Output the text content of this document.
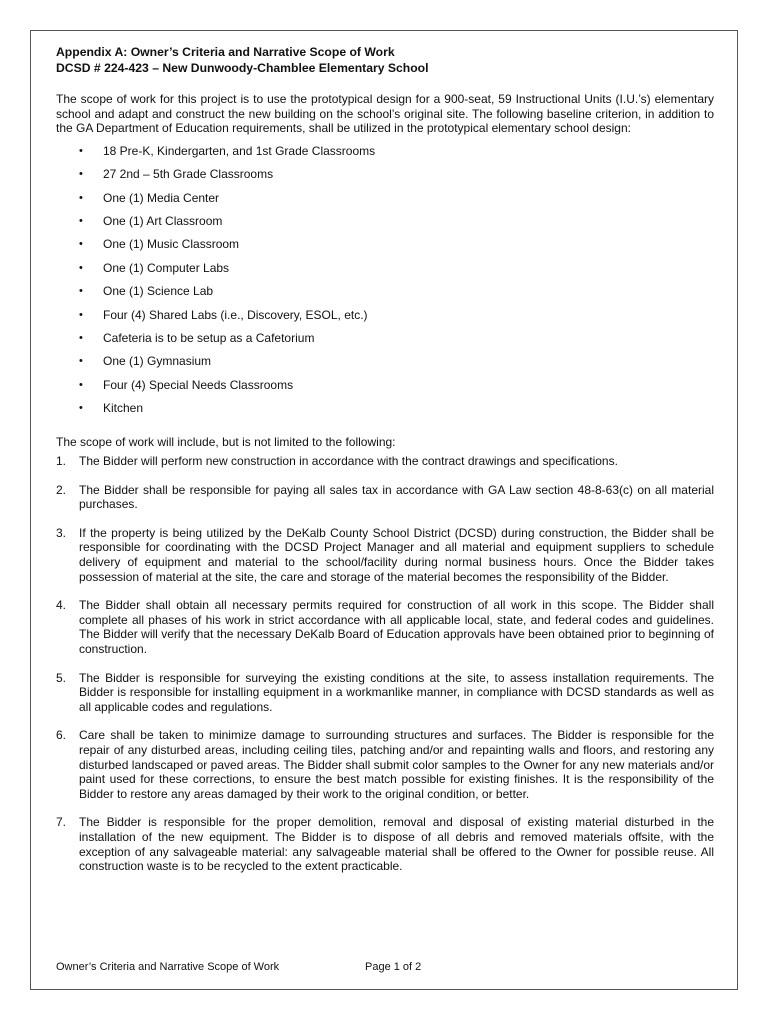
Appendix A: Owner’s Criteria and Narrative Scope of Work
DCSD # 224-423 – New Dunwoody-Chamblee Elementary School
The scope of work for this project is to use the prototypical design for a 900-seat, 59 Instructional Units (I.U.’s) elementary school and adapt and construct the new building on the school’s original site. The following baseline criterion, in addition to the GA Department of Education requirements, shall be utilized in the prototypical elementary school design:
• 18 Pre-K, Kindergarten, and 1st Grade Classrooms
• 27 2nd – 5th Grade Classrooms
• One (1) Media Center
• One (1) Art Classroom
• One (1) Music Classroom
• One (1) Computer Labs
• One (1) Science Lab
• Four (4) Shared Labs (i.e., Discovery, ESOL, etc.)
• Cafeteria is to be setup as a Cafetorium
• One (1) Gymnasium
• Four (4) Special Needs Classrooms
• Kitchen
The scope of work will include, but is not limited to the following:
1. The Bidder will perform new construction in accordance with the contract drawings and specifications.
2. The Bidder shall be responsible for paying all sales tax in accordance with GA Law section 48-8-63(c) on all material purchases.
3. If the property is being utilized by the DeKalb County School District (DCSD) during construction, the Bidder shall be responsible for coordinating with the DCSD Project Manager and all material and equipment suppliers to schedule delivery of equipment and material to the school/facility during normal business hours. Once the Bidder takes possession of material at the site, the care and storage of the material becomes the responsibility of the Bidder.
4. The Bidder shall obtain all necessary permits required for construction of all work in this scope. The Bidder shall complete all phases of his work in strict accordance with all applicable local, state, and federal codes and guidelines. The Bidder will verify that the necessary DeKalb Board of Education approvals have been obtained prior to beginning of construction.
5. The Bidder is responsible for surveying the existing conditions at the site, to assess installation requirements. The Bidder is responsible for installing equipment in a workmanlike manner, in compliance with DCSD standards as well as all applicable codes and regulations.
6. Care shall be taken to minimize damage to surrounding structures and surfaces. The Bidder is responsible for the repair of any disturbed areas, including ceiling tiles, patching and/or and repainting walls and floors, and restoring any disturbed landscaped or paved areas. The Bidder shall submit color samples to the Owner for any new materials and/or paint used for these corrections, to ensure the best match possible for existing finishes. It is the responsibility of the Bidder to restore any areas damaged by their work to the original condition, or better.
7. The Bidder is responsible for the proper demolition, removal and disposal of existing material disturbed in the installation of the new equipment. The Bidder is to dispose of all debris and removed materials offsite, with the exception of any salvageable material: any salvageable material shall be offered to the Owner for possible reuse. All construction waste is to be recycled to the extent practicable.
Owner’s Criteria and Narrative Scope of Work	Page 1 of 2
